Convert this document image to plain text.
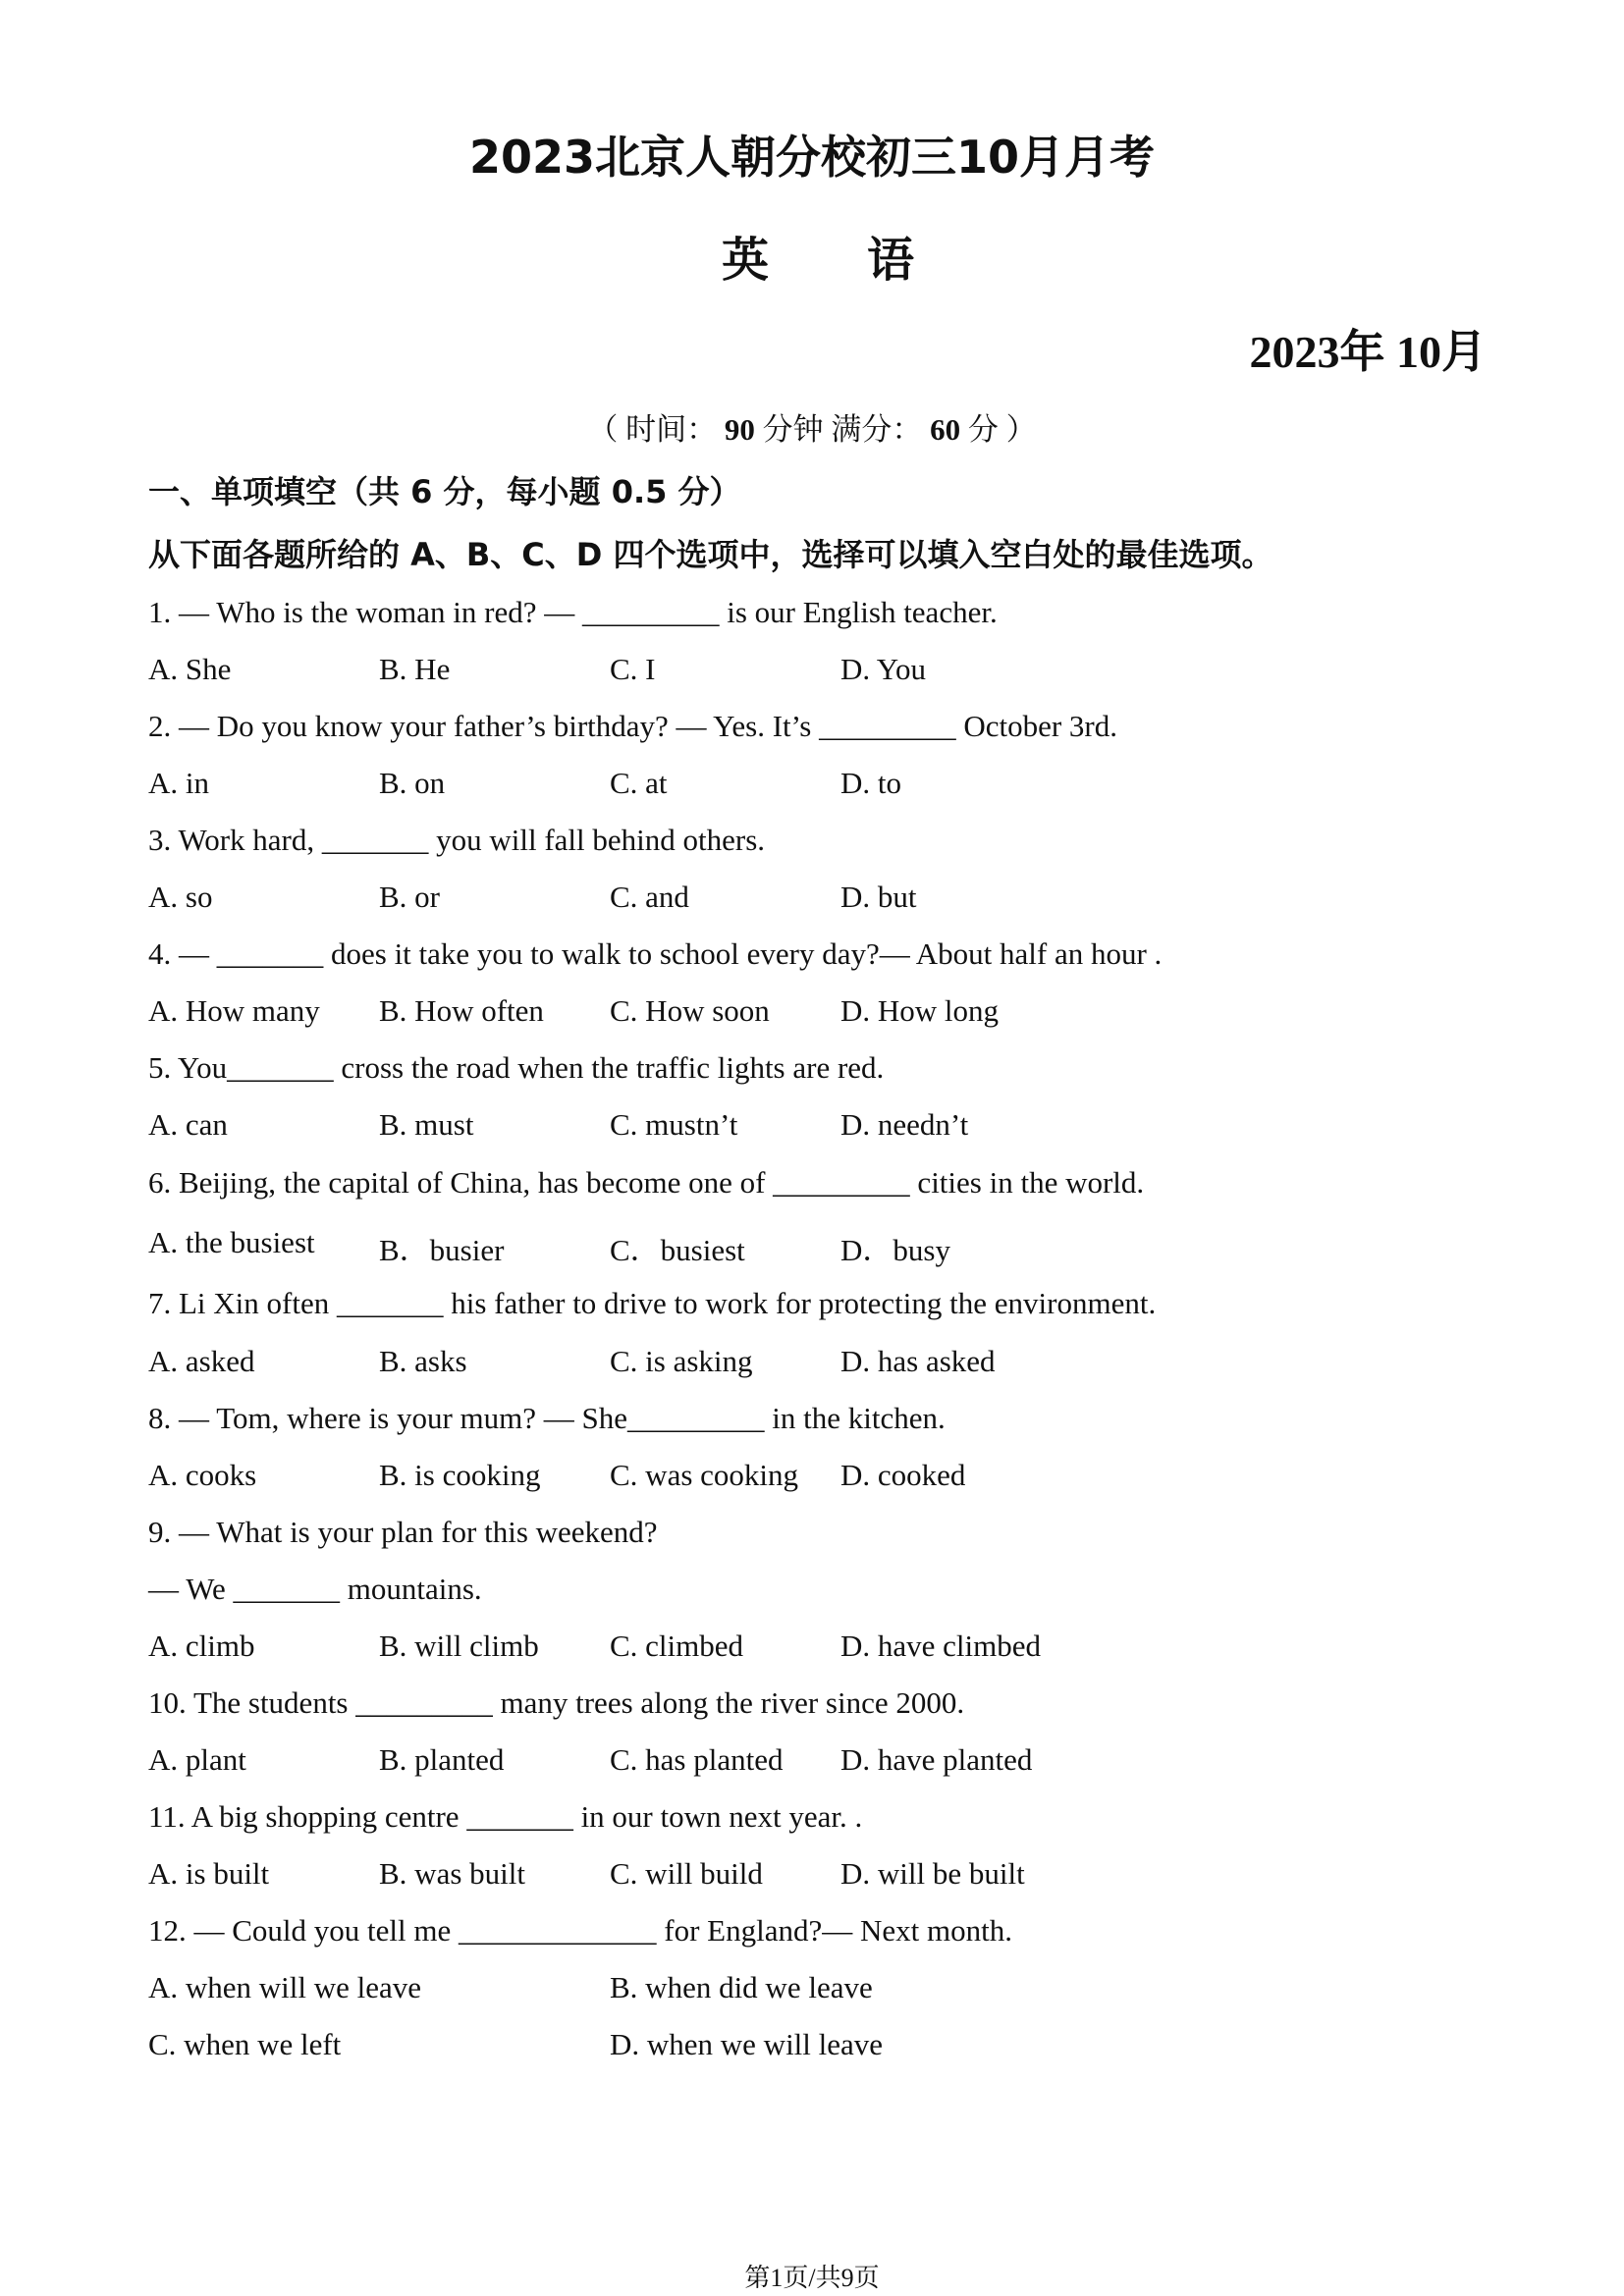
2023北京人朝分校初三10月月考
英 语
2023年 10月
（ 时间： 90 分钟 满分： 60 分 ）
一、单项填空（共 6 分，每小题 0.5 分）
从下面各题所给的 A、B、C、D 四个选项中，选择可以填入空白处的最佳选项。
1. — Who is the woman in red? — _________ is our English teacher.
A. She	B. He	C. I	D. You
2. — Do you know your father’s birthday? — Yes. It’s _________ October 3rd.
A. in	B. on	C. at	D. to
3. Work hard, _______ you will fall behind others.
A. so	B. or	C. and	D. but
4. — _______ does it take you to walk to school every day?— About half an hour .
A. How many B. How often C. How soon D. How long
5. You_______ cross the road when the traffic lights are red.
A. can	B. must	C. mustn’t	D. needn’t
6. Beijing, the capital of China, has become one of _________ cities in the world.
A. the busiest B．busier	C．busiest	D．busy
7. Li Xin often _______ his father to drive to work for protecting the environment.
A. asked	B. asks	C. is asking	D. has asked
8. — Tom, where is your mum? — She_________ in the kitchen.
A. cooks	B. is cooking C. was cooking D. cooked
9. — What is your plan for this weekend?
— We _______ mountains.
A. climb	B. will climb C. climbed	D. have climbed
10. The students _________ many trees along the river since 2000.
A. plant	B. planted	C. has planted D. have planted
11. A big shopping centre _______ in our town next year. .
A. is built	B. was built	C. will build	D. will be built
12. — Could you tell me _____________ for England?— Next month.
A. when will we leave	B. when did we leave
C. when we left	D. when we will leave
第1页/共9页
